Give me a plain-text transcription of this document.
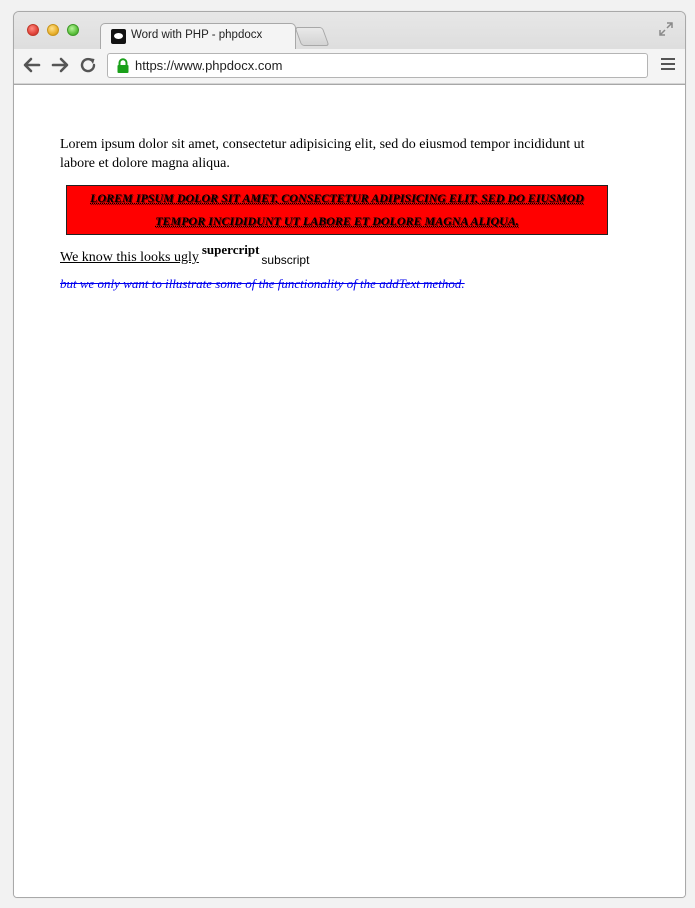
Word with PHP - phpdocx
https://www.phpdocx.com
Lorem ipsum dolor sit amet, consectetur adipisicing elit, sed do eiusmod tempor incididunt ut labore et dolore magna aliqua.
LOREM IPSUM DOLOR SIT AMET, CONSECTETUR ADIPISICING ELIT, SED DO EIUSMOD TEMPOR INCIDIDUNT UT LABORE ET DOLORE MAGNA ALIQUA.
We know this looks uglysupercriptsubscript
but we only want to illustrate some of the functionality of the addText method.
